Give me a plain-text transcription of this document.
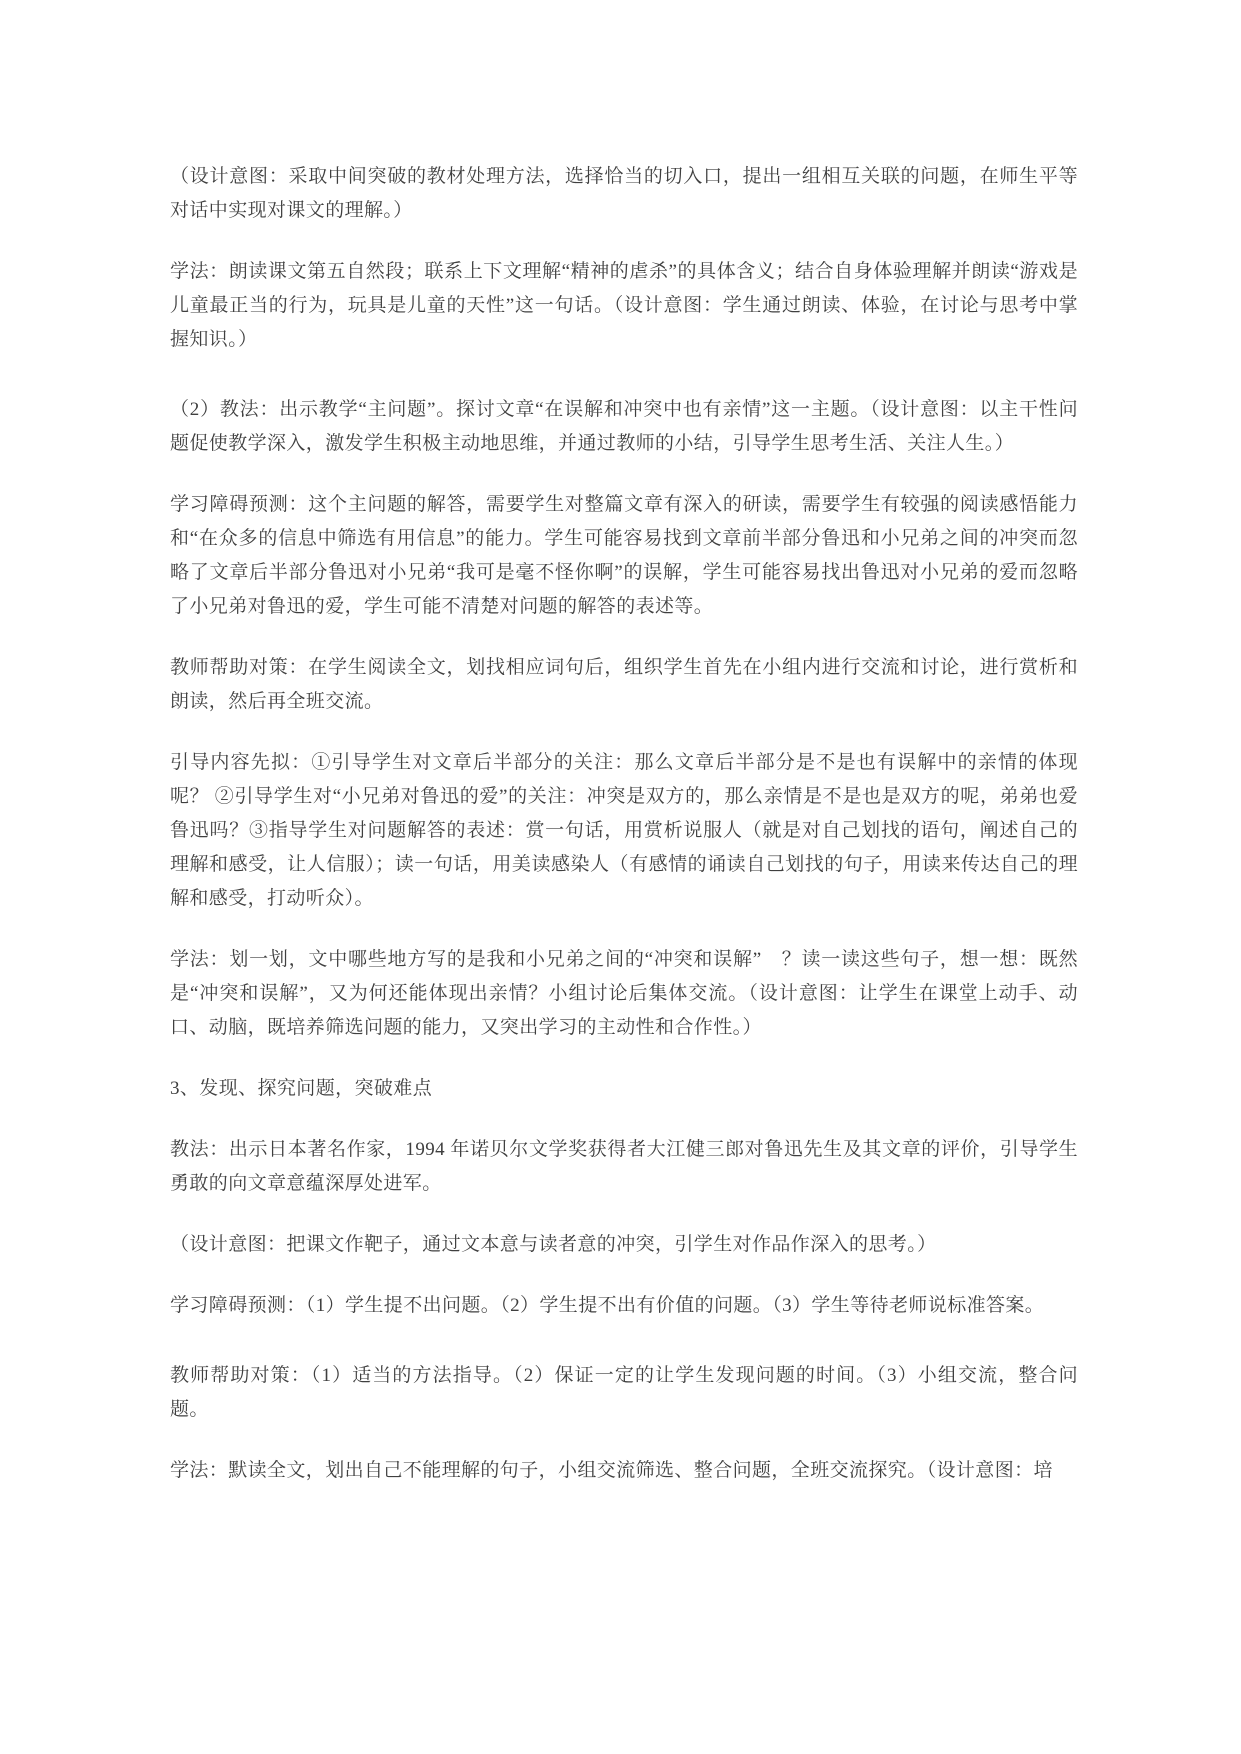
（设计意图：采取中间突破的教材处理方法，选择恰当的切入口，提出一组相互关联的问题，在师生平等对话中实现对课文的理解。）

学法：朗读课文第五自然段；联系上下文理解“精神的虐杀”的具体含义；结合自身体验理解并朗读“游戏是儿童最正当的行为，玩具是儿童的天性”这一句话。（设计意图：学生通过朗读、体验，在讨论与思考中掌握知识。）

（2）教法：出示教学“主问题”。探讨文章“在误解和冲突中也有亲情”这一主题。（设计意图：以主干性问题促使教学深入，激发学生积极主动地思维，并通过教师的小结，引导学生思考生活、关注人生。）

学习障碍预测：这个主问题的解答，需要学生对整篇文章有深入的研读，需要学生有较强的阅读感悟能力和“在众多的信息中筛选有用信息”的能力。学生可能容易找到文章前半部分鲁迅和小兄弟之间的冲突而忽略了文章后半部分鲁迅对小兄弟“我可是毫不怪你啊”的误解，学生可能容易找出鲁迅对小兄弟的爱而忽略了小兄弟对鲁迅的爱，学生可能不清楚对问题的解答的表述等。

教师帮助对策：在学生阅读全文，划找相应词句后，组织学生首先在小组内进行交流和讨论，进行赏析和朗读，然后再全班交流。

引导内容先拟：①引导学生对文章后半部分的关注：那么文章后半部分是不是也有误解中的亲情的体现呢？ ②引导学生对“小兄弟对鲁迅的爱”的关注：冲突是双方的，那么亲情是不是也是双方的呢，弟弟也爱鲁迅吗？③指导学生对问题解答的表述：赏一句话，用赏析说服人（就是对自己划找的语句，阐述自己的理解和感受，让人信服）；读一句话，用美读感染人（有感情的诵读自己划找的句子，用读来传达自己的理解和感受，打动听众）。

学法：划一划，文中哪些地方写的是我和小兄弟之间的“冲突和误解”　？读一读这些句子，想一想：既然是“冲突和误解”，又为何还能体现出亲情？小组讨论后集体交流。（设计意图：让学生在课堂上动手、动口、动脑，既培养筛选问题的能力，又突出学习的主动性和合作性。）

3、发现、探究问题，突破难点

教法：出示日本著名作家，1994 年诺贝尔文学奖获得者大江健三郎对鲁迅先生及其文章的评价，引导学生勇敢的向文章意蕴深厚处进军。

（设计意图：把课文作靶子，通过文本意与读者意的冲突，引学生对作品作深入的思考。）

学习障碍预测：（1）学生提不出问题。（2）学生提不出有价值的问题。（3）学生等待老师说标准答案。

教师帮助对策：（1）适当的方法指导。（2）保证一定的让学生发现问题的时间。（3）小组交流，整合问题。

学法：默读全文，划出自己不能理解的句子，小组交流筛选、整合问题，全班交流探究。（设计意图：培
